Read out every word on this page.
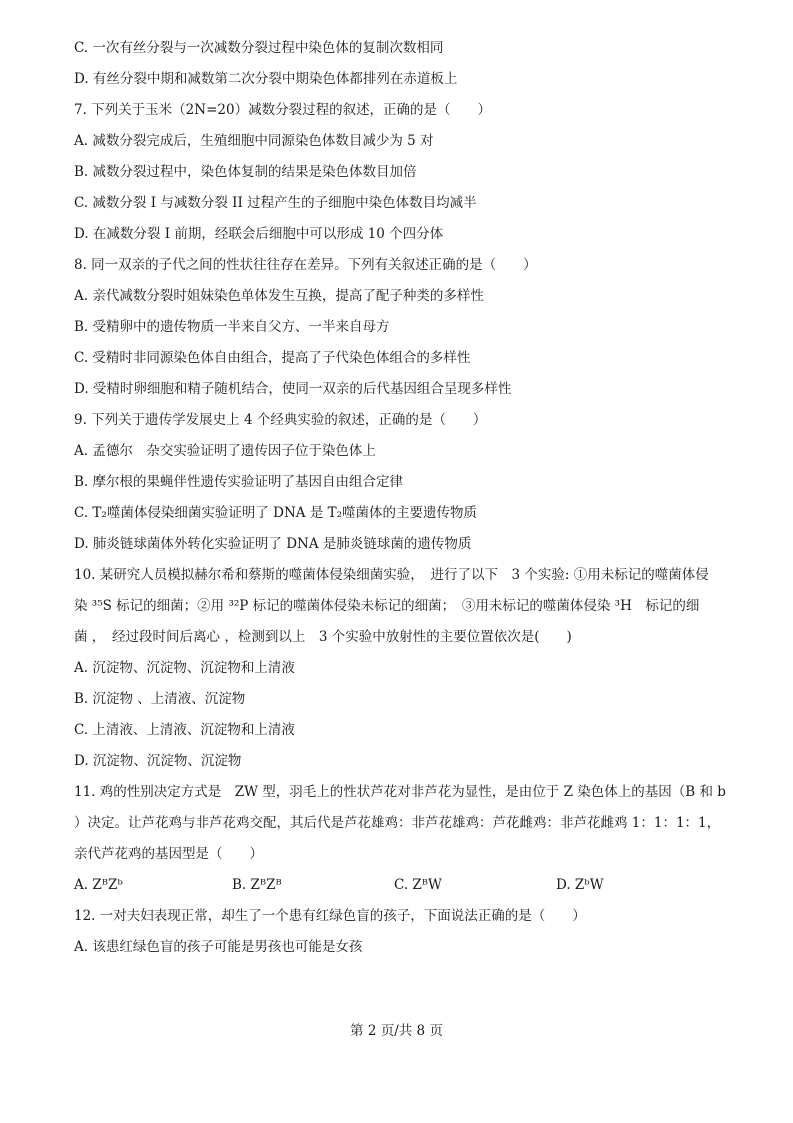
C. 一次有丝分裂与一次减数分裂过程中染色体的复制次数相同
D. 有丝分裂中期和减数第二次分裂中期染色体都排列在赤道板上
7. 下列关于玉米（2N=20）减数分裂过程的叙述，正确的是（　　）
A. 减数分裂完成后，生殖细胞中同源染色体数目减少为 5 对
B. 减数分裂过程中，染色体复制的结果是染色体数目加倍
C. 减数分裂 I 与减数分裂 II 过程产生的子细胞中染色体数目均减半
D. 在减数分裂 I 前期，经联会后细胞中可以形成 10 个四分体
8. 同一双亲的子代之间的性状往往存在差异。下列有关叙述正确的是（　　）
A. 亲代减数分裂时姐妹染色单体发生互换，提高了配子种类的多样性
B. 受精卵中的遗传物质一半来自父方、一半来自母方
C. 受精时非同源染色体自由组合，提高了子代染色体组合的多样性
D. 受精时卵细胞和精子随机结合，使同一双亲的后代基因组合呈现多样性
9. 下列关于遗传学发展史上 4 个经典实验的叙述，正确的是（　　）
A. 孟德尔　杂交实验证明了遗传因子位于染色体上
B. 摩尔根的果蝇伴性遗传实验证明了基因自由组合定律
C. T₂噬菌体侵染细菌实验证明了 DNA 是 T₂噬菌体的主要遗传物质
D. 肺炎链球菌体外转化实验证明了 DNA 是肺炎链球菌的遗传物质
10. 某研究人员模拟赫尔希和蔡斯的噬菌体侵染细菌实验，　进行了以下　3 个实验: ①用未标记的噬菌体侵
染 ³⁵S 标记的细菌；②用 ³²P 标记的噬菌体侵染未标记的细菌；　③用未标记的噬菌体侵染 ³H　标记的细
菌 ，　经过段时间后离心 ，检测到以上　3 个实验中放射性的主要位置依次是(　　)
A. 沉淀物、沉淀物、沉淀物和上清液
B. 沉淀物 、上清液、沉淀物
C. 上清液、上清液、沉淀物和上清液
D. 沉淀物、沉淀物、沉淀物
11. 鸡的性别决定方式是　ZW 型，羽毛上的性状芦花对非芦花为显性，是由位于 Z 染色体上的基因（B 和 b
）决定。让芦花鸡与非芦花鸡交配，其后代是芦花雄鸡：非芦花雄鸡：芦花雌鸡：非芦花雌鸡 1：1：1：1，
亲代芦花鸡的基因型是（　　）
A. ZᴮZᵇ	B. ZᴮZᴮ	C. ZᴮW	D. ZᵇW
12. 一对夫妇表现正常，却生了一个患有红绿色盲的孩子，下面说法正确的是（　　）
A. 该患红绿色盲的孩子可能是男孩也可能是女孩
第 2 页/共 8 页
